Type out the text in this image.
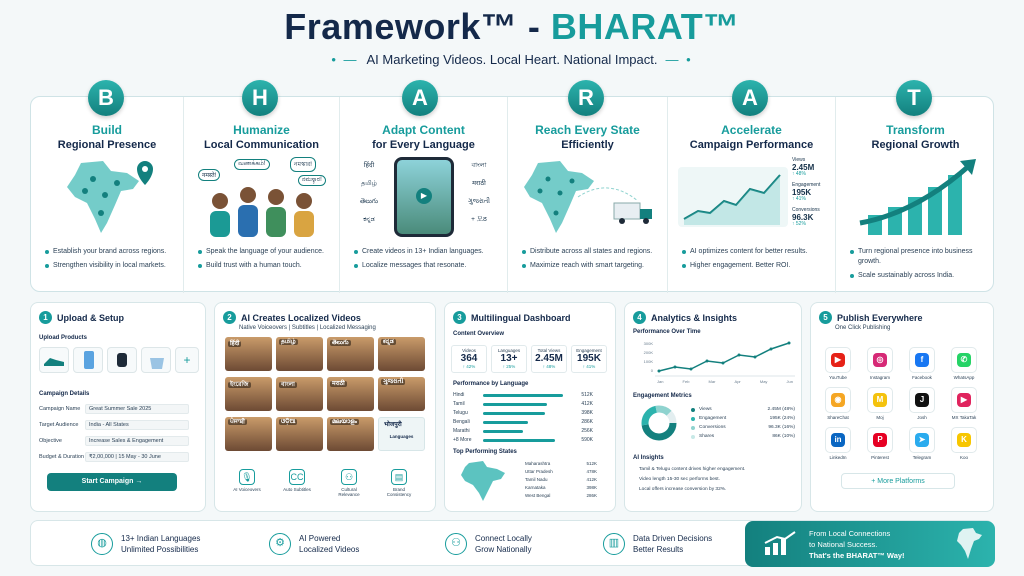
Framework™ - BHARAT™
• — AI Marketing Videos. Local Heart. National Impact. — •
Build
Regional Presence
Establish your brand across regions.
Strengthen visibility in local markets.
Humanize
Local Communication
नमस्ते!
வணக்கம்!	নমস্কার!
ನಮಸ್ಕಾರ!
Speak the language of your audience.
Build trust with a human touch.
Adapt Content
for Every Language
हिंदी
தமிழ்
తెలుగు
ಕನ್ನಡ
▶
বাংলা
मराठी
ગુજરાતી
+ 모ठ
Create videos in 13+ Indian languages.
Localize messages that resonate.
Reach Every State
Efficiently
Distribute across all states and regions.
Maximize reach with smart targeting.
Accelerate
Campaign Performance
Views
2.45M
↑ 48%
Engagement
195K
↑ 41%
Conversions
96.3K
↑ 52%
AI optimizes content for better results.
Higher engagement. Better ROI.
Transform
Regional Growth
Turn regional presence into business growth.
Scale sustainably across India.
B	H	A	R	A	T
1	Upload & Setup
Upload Products
+
Campaign Details
Campaign Name	Great Summer Sale 2025
Target Audience	India - All States
Objective	Increase Sales & Engagement
Budget & Duration ₹2,00,000 | 15 May - 30 June
Start Campaign →
2	AI Creates Localized Videos
Native Voiceovers | Subtitles | Localized Messaging
हिंदी	தமிழ்	తెలుగు	ಕನ್ನಡ
ইংরেজি	বাংলা	मराठी	ગુજરાતી
ਪੰਜਾਬੀ	ଓଡ଼ିଆ	മലയാളം	भोजपुरी
Languages
🎙
AI Voiceovers
CC
Auto Subtitles
⚇
Cultural Relevance
▤
Brand Consistency
3	Multilingual Dashboard
Content Overview
Videos
364
↑ 42%
Languages
13+
↑ 25%
Total Views
2.45M
↑ 48%
Engagement
195K
↑ 41%
Performance by Language
Hindi	512K
Tamil	412K
Telugu	398K
Bengali	286K
Marathi	256K
+8 More	590K
Top Performing States
Maharashtra	512K
Uttar Pradesh	478K
Tamil Nadu	412K
Karnataka	398K
West Bengal	286K
4	Analytics & Insights
Performance Over Time
300K
200K
100K
0
Jan	Feb	Mar	Apr	May	Jun
Engagement Metrics
Views	2.45M (48%)
Engagement	195K (24%)
Conversions	96.3K (16%)
Shares	86K (10%)
AI Insights
Tamil & Telugu content drives higher engagement.
Video length 15-30 sec performs best.
Local offers increase conversion by 32%.
5	Publish Everywhere
One Click Publishing
▶
YouTube
◎
Instagram
f
Facebook
✆
WhatsApp
◉
ShareChat
M
Moj
J
Josh
▶
MX TakaTak
in
LinkedIn
P
Pinterest
➤
Telegram
K
Koo
+ More Platforms
◍	13+ Indian Languages
Unlimited Possibilities
⚙	AI Powered
Localized Videos
⚇	Connect Locally
Grow Nationally
▥	Data Driven Decisions
Better Results
From Local Connections
to National Success.
That's the BHARAT™ Way!
